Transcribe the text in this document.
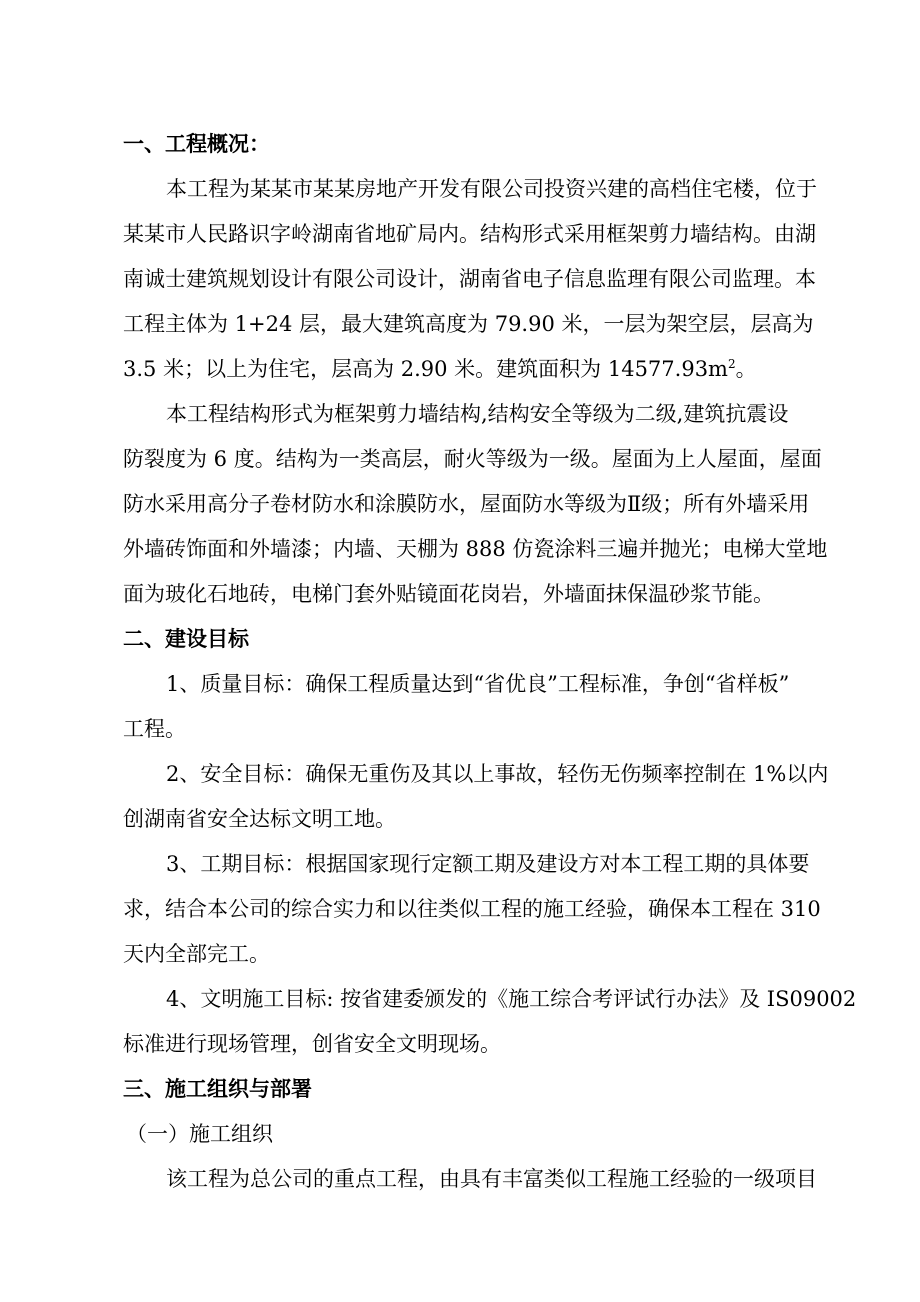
一、工程概况：
本工程为某某市某某房地产开发有限公司投资兴建的高档住宅楼，位于
某某市人民路识字岭湖南省地矿局内。结构形式采用框架剪力墙结构。由湖
南诚士建筑规划设计有限公司设计，湖南省电子信息监理有限公司监理。本
工程主体为 1+24 层，最大建筑高度为 79.90 米，一层为架空层，层高为
3.5 米；以上为住宅，层高为 2.90 米。建筑面积为 $14577.93m^2$。
本工程结构形式为框架剪力墙结构,结构安全等级为二级,建筑抗震设
防裂度为 6 度。结构为一类高层，耐火等级为一级。屋面为上人屋面，屋面
防水采用高分子卷材防水和涂膜防水，屋面防水等级为Ⅱ级；所有外墙采用
外墙砖饰面和外墙漆；内墙、天棚为 888 仿瓷涂料三遍并抛光；电梯大堂地
面为玻化石地砖，电梯门套外贴镜面花岗岩，外墙面抹保温砂浆节能。
二、建设目标
1、质量目标：确保工程质量达到“省优良”工程标准，争创“省样板”
工程。
2、安全目标：确保无重伤及其以上事故，轻伤无伤频率控制在 1%以内
创湖南省安全达标文明工地。
3、工期目标：根据国家现行定额工期及建设方对本工程工期的具体要
求，结合本公司的综合实力和以往类似工程的施工经验，确保本工程在 310
天内全部完工。
4、文明施工目标: 按省建委颁发的《施工综合考评试行办法》及 IS09002
标准进行现场管理，创省安全文明现场。
三、施工组织与部署
（一）施工组织
该工程为总公司的重点工程，由具有丰富类似工程施工经验的一级项目
